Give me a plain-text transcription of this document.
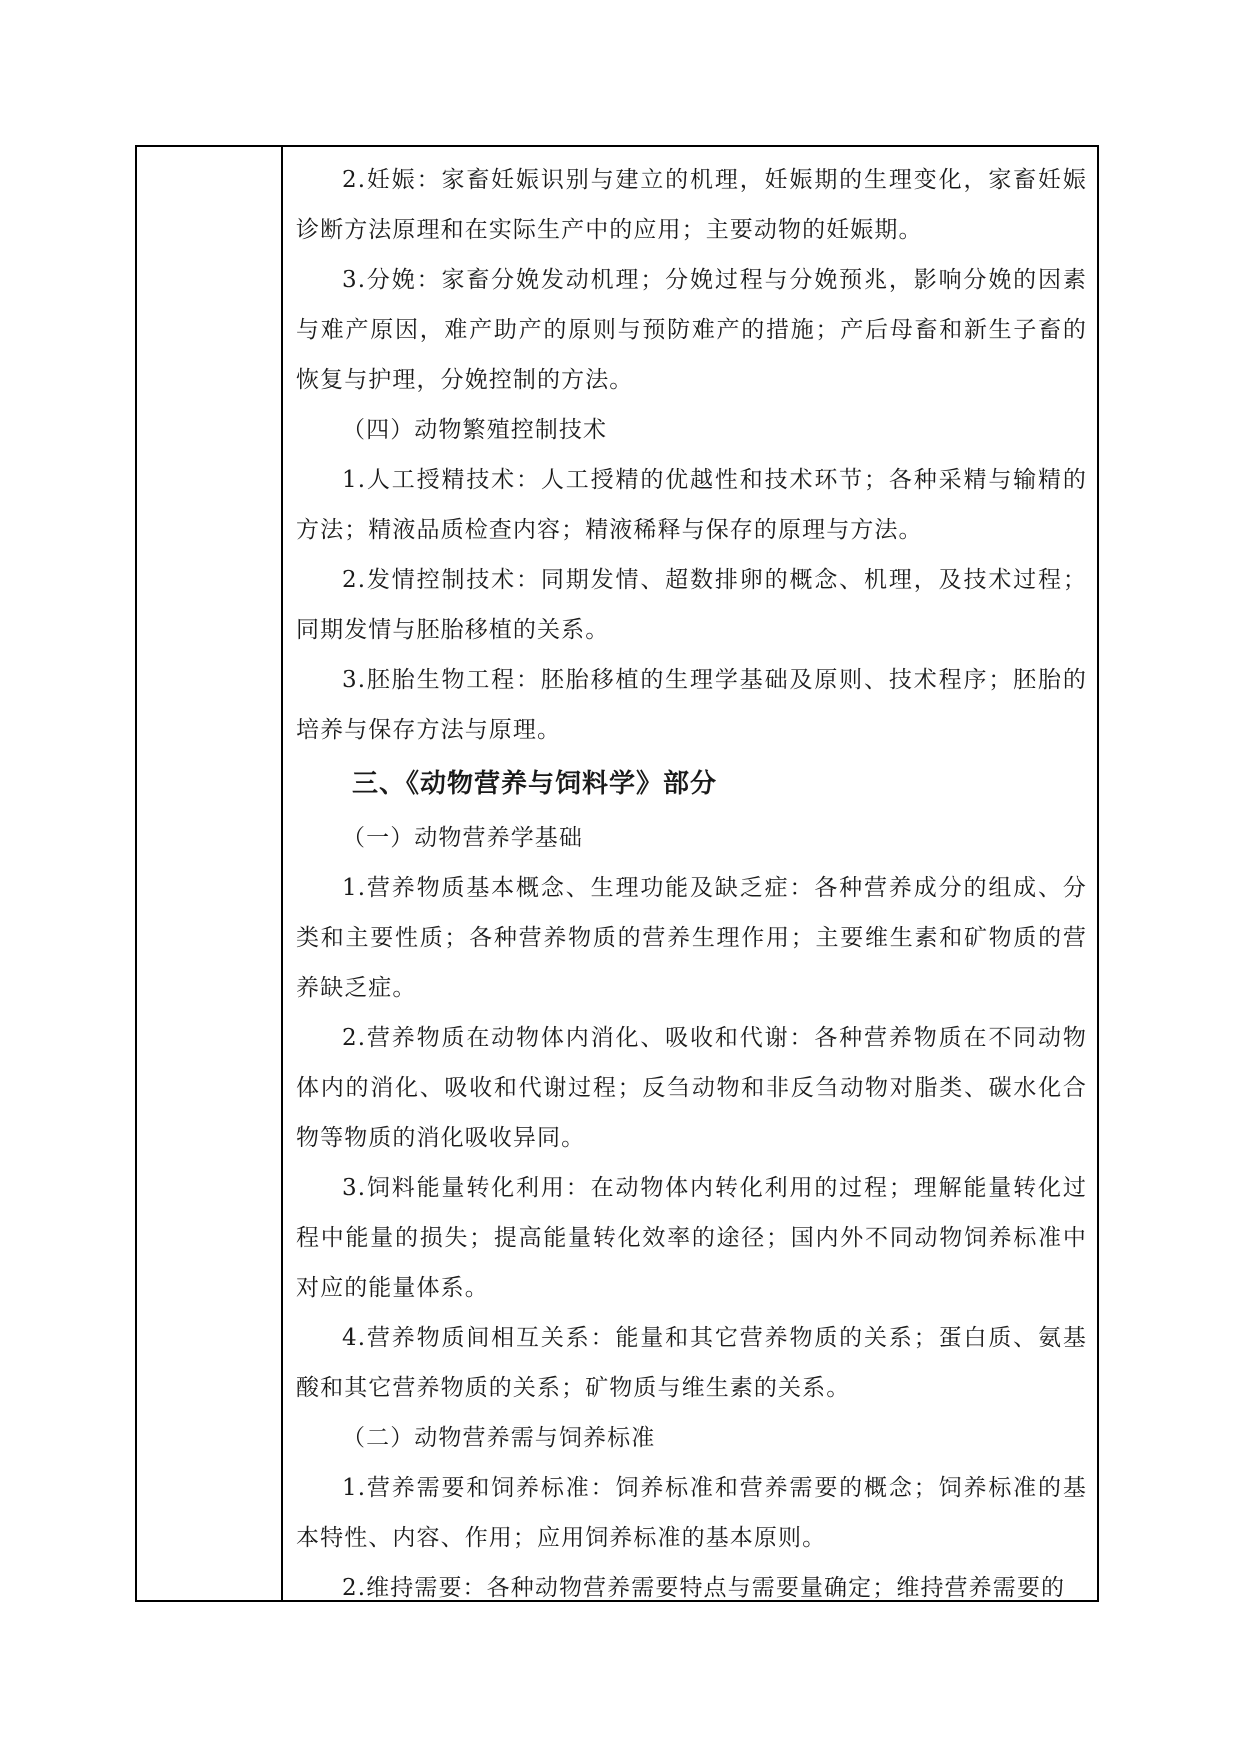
2.妊娠：家畜妊娠识别与建立的机理，妊娠期的生理变化，家畜妊娠诊断方法原理和在实际生产中的应用；主要动物的妊娠期。

3.分娩：家畜分娩发动机理；分娩过程与分娩预兆，影响分娩的因素与难产原因，难产助产的原则与预防难产的措施；产后母畜和新生子畜的恢复与护理，分娩控制的方法。

（四）动物繁殖控制技术

1.人工授精技术：人工授精的优越性和技术环节；各种采精与输精的方法；精液品质检查内容；精液稀释与保存的原理与方法。

2.发情控制技术：同期发情、超数排卵的概念、机理，及技术过程；同期发情与胚胎移植的关系。

3.胚胎生物工程：胚胎移植的生理学基础及原则、技术程序；胚胎的培养与保存方法与原理。

三、《动物营养与饲料学》部分

（一）动物营养学基础

1.营养物质基本概念、生理功能及缺乏症：各种营养成分的组成、分类和主要性质；各种营养物质的营养生理作用；主要维生素和矿物质的营养缺乏症。

2.营养物质在动物体内消化、吸收和代谢：各种营养物质在不同动物体内的消化、吸收和代谢过程；反刍动物和非反刍动物对脂类、碳水化合物等物质的消化吸收异同。

3.饲料能量转化利用：在动物体内转化利用的过程；理解能量转化过程中能量的损失；提高能量转化效率的途径；国内外不同动物饲养标准中对应的能量体系。

4.营养物质间相互关系：能量和其它营养物质的关系；蛋白质、氨基酸和其它营养物质的关系；矿物质与维生素的关系。

（二）动物营养需与饲养标准

1.营养需要和饲养标准：饲养标准和营养需要的概念；饲养标准的基本特性、内容、作用；应用饲养标准的基本原则。

2.维持需要：各种动物营养需要特点与需要量确定；维持营养需要的
